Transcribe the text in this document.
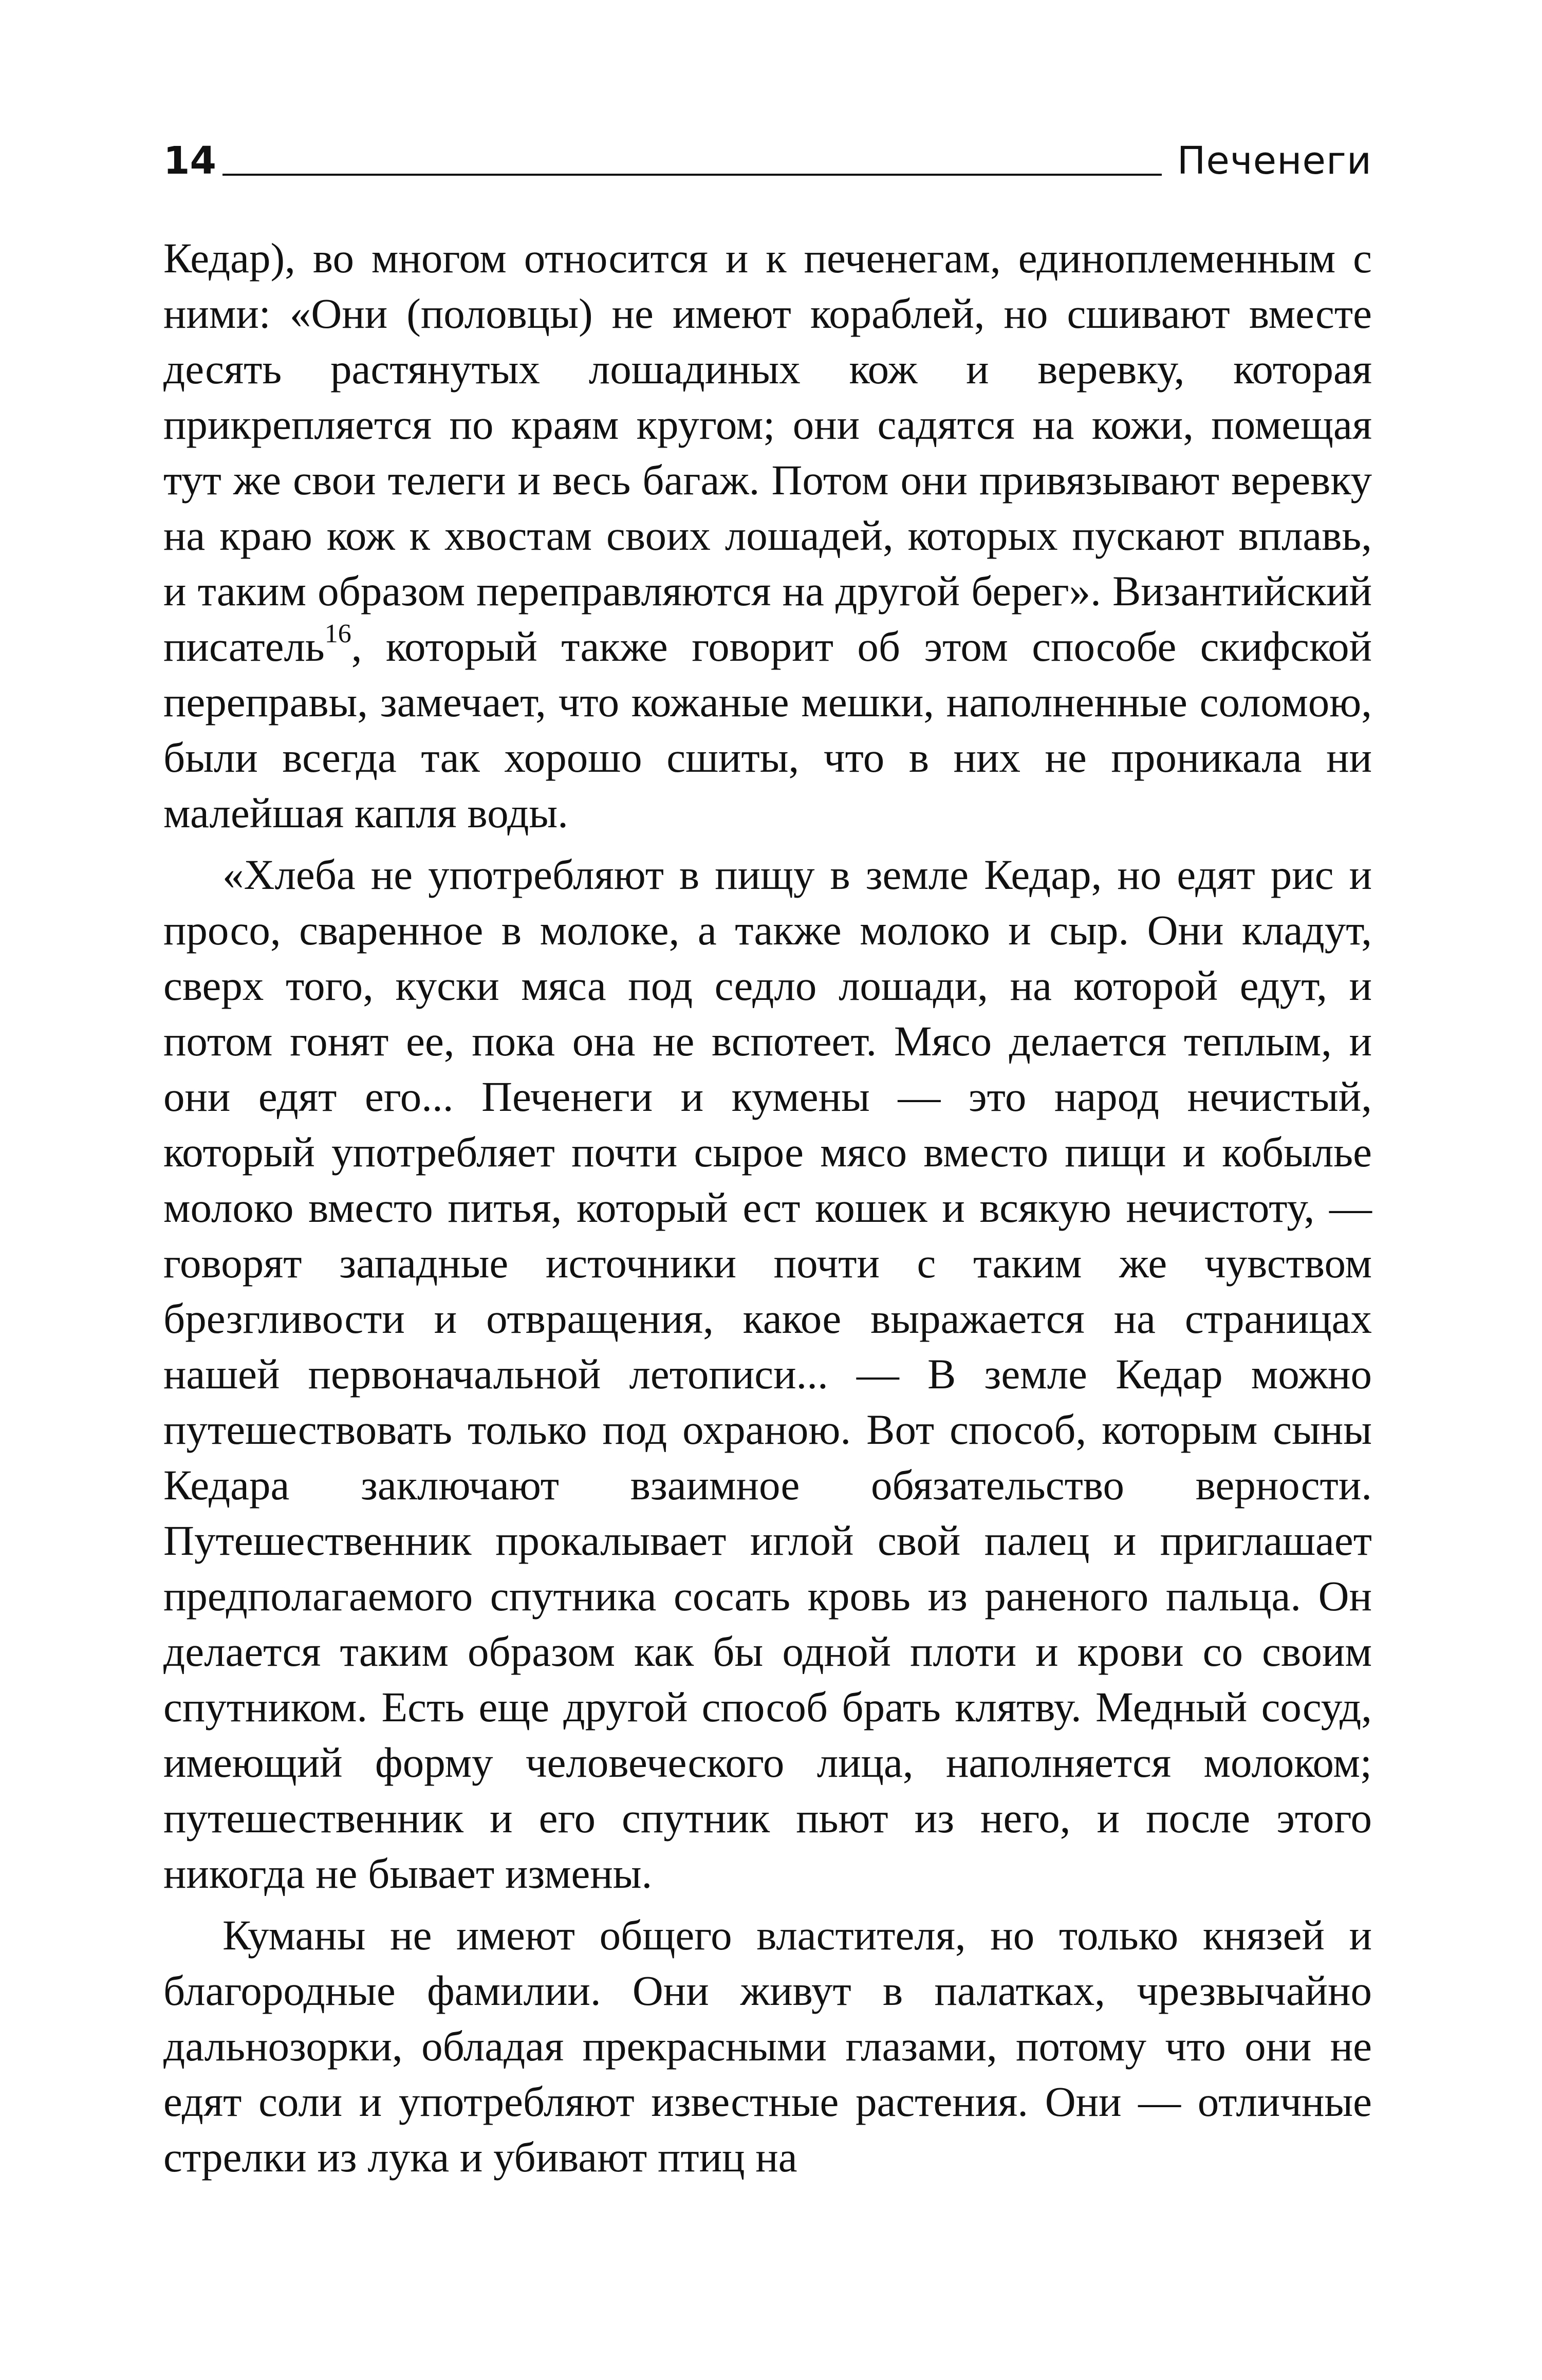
14	Печенеги

Кедар), во многом относится и к печенегам, единоплеменным с ними: «Они (половцы) не имеют кораблей, но сшивают вместе десять растянутых лошадиных кож и веревку, которая прикрепляется по краям кругом; они садятся на кожи, помещая тут же свои телеги и весь багаж. Потом они привязывают веревку на краю кож к хвостам своих лошадей, которых пускают вплавь, и таким образом переправляются на другой берег». Византийский писатель$^{16}$, который также говорит об этом способе скифской переправы, замечает, что кожаные мешки, наполненные соломою, были всегда так хорошо сшиты, что в них не проникала ни малейшая капля воды.

«Хлеба не употребляют в пищу в земле Кедар, но едят рис и просо, сваренное в молоке, а также молоко и сыр. Они кладут, сверх того, куски мяса под седло лошади, на которой едут, и потом гонят ее, пока она не вспотеет. Мясо делается теплым, и они едят его... Печенеги и кумены — это народ нечистый, который употребляет почти сырое мясо вместо пищи и кобылье молоко вместо питья, который ест кошек и всякую нечистоту, — говорят западные источники почти с таким же чувством брезгливости и отвращения, какое выражается на страницах нашей первоначальной летописи... — В земле Кедар можно путешествовать только под охраною. Вот способ, которым сыны Кедара заключают взаимное обязательство верности. Путешественник прокалывает иглой свой палец и приглашает предполагаемого спутника сосать кровь из раненого пальца. Он делается таким образом как бы одной плоти и крови со своим спутником. Есть еще другой способ брать клятву. Медный сосуд, имеющий форму человеческого лица, наполняется молоком; путешественник и его спутник пьют из него, и после этого никогда не бывает измены.

Куманы не имеют общего властителя, но только князей и благородные фамилии. Они живут в палатках, чрезвычайно дальнозорки, обладая прекрасными глазами, потому что они не едят соли и употребляют известные растения. Они — отличные стрелки из лука и убивают птиц на
